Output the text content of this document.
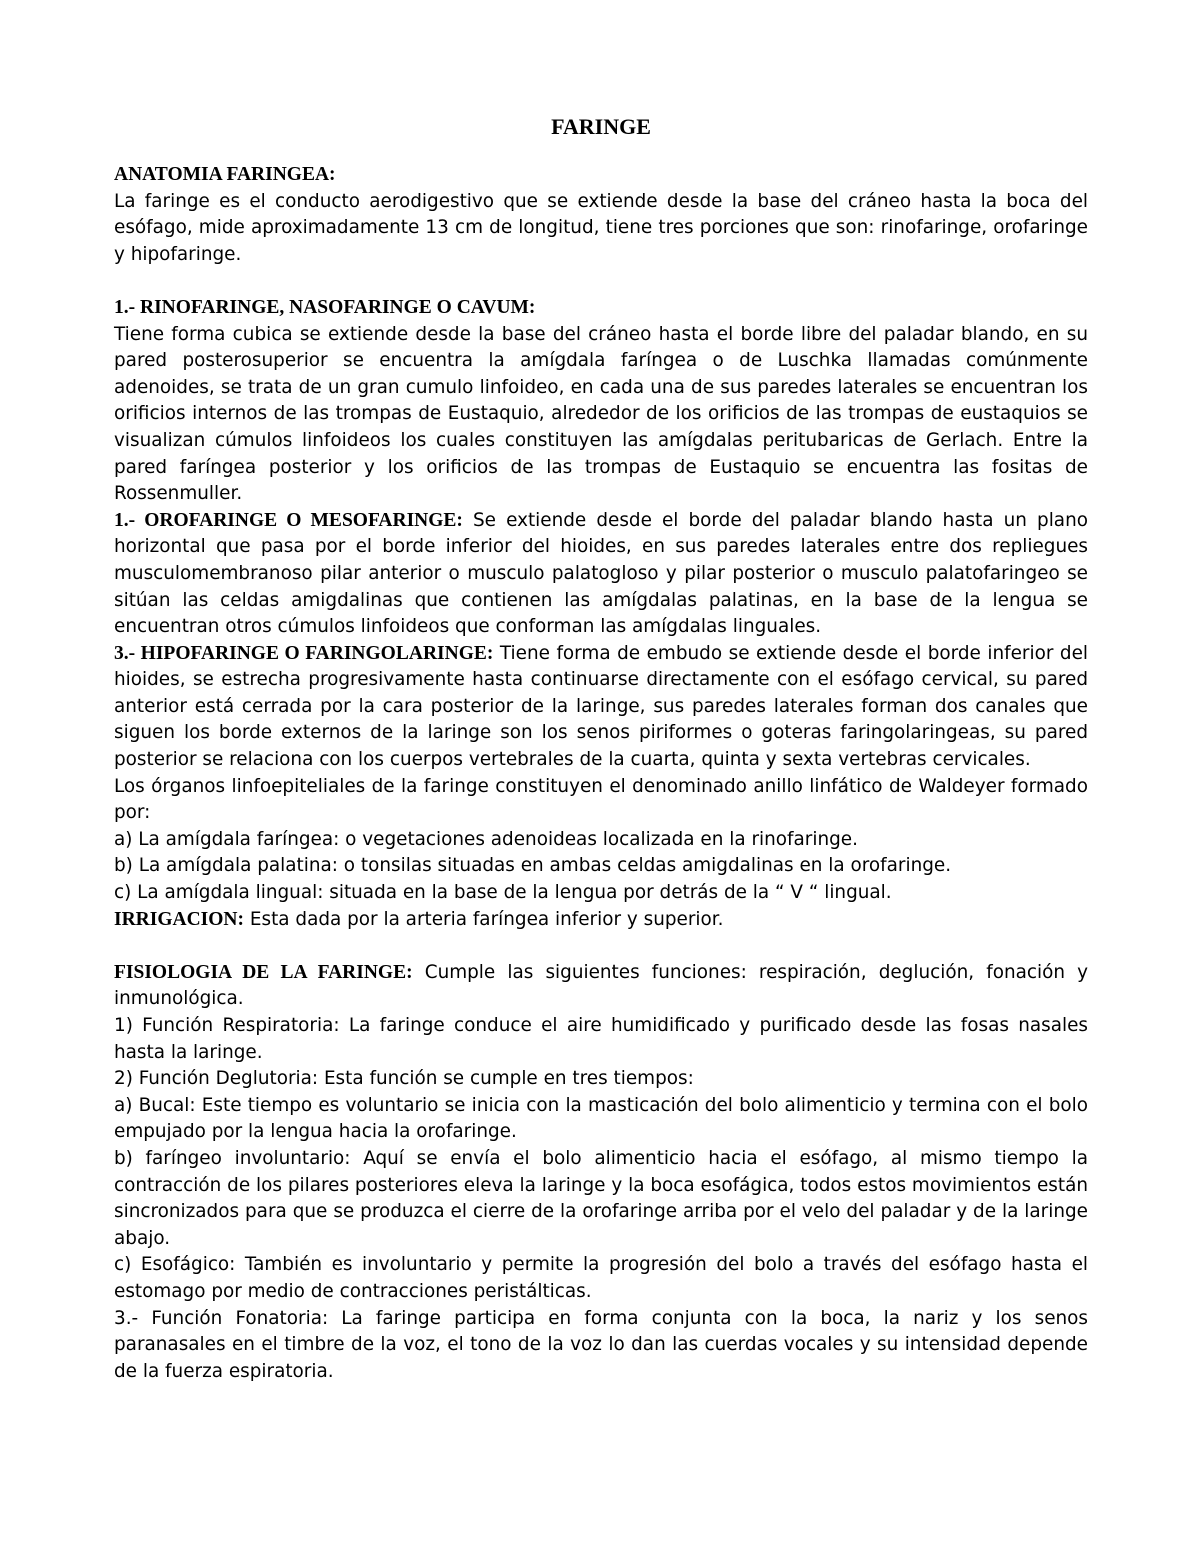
FARINGE

ANATOMIA FARINGEA:

La faringe es el conducto aerodigestivo que se extiende desde la base del cráneo hasta la boca del esófago, mide aproximadamente 13 cm de longitud, tiene tres porciones que son: rinofaringe, orofaringe y hipofaringe.

1.- RINOFARINGE, NASOFARINGE O CAVUM:

Tiene forma cubica se extiende desde la base del cráneo hasta el borde libre del paladar blando, en su pared posterosuperior se encuentra la amígdala faríngea o de Luschka llamadas comúnmente adenoides, se trata de un gran cumulo linfoideo, en cada una de sus paredes laterales se encuentran los orificios internos de las trompas de Eustaquio, alrededor de los orificios de las trompas de eustaquios se visualizan cúmulos linfoideos los cuales constituyen las amígdalas peritubaricas de Gerlach. Entre la pared faríngea posterior y los orificios de las trompas de Eustaquio se encuentra las fositas de Rossenmuller.

1.- OROFARINGE O MESOFARINGE: Se extiende desde el borde del paladar blando hasta un plano horizontal que pasa por el borde inferior del hioides, en sus paredes laterales entre dos repliegues musculomembranoso pilar anterior o musculo palatogloso y pilar posterior o musculo palatofaringeo se sitúan las celdas amigdalinas que contienen las amígdalas palatinas, en la base de la lengua se encuentran otros cúmulos linfoideos que conforman las amígdalas linguales.

3.- HIPOFARINGE O FARINGOLARINGE: Tiene forma de embudo se extiende desde el borde inferior del hioides, se estrecha progresivamente hasta continuarse directamente con el esófago cervical, su pared anterior está cerrada por la cara posterior de la laringe, sus paredes laterales forman dos canales que siguen los borde externos de la laringe son los senos piriformes o goteras faringolaringeas, su pared posterior se relaciona con los cuerpos vertebrales de la cuarta, quinta y sexta vertebras cervicales.

Los órganos linfoepiteliales de la faringe constituyen el denominado anillo linfático de Waldeyer formado por:

a) La amígdala faríngea: o vegetaciones adenoideas localizada en la rinofaringe.

b) La amígdala palatina: o tonsilas situadas en ambas celdas amigdalinas en la orofaringe.

c) La amígdala lingual: situada en la base de la lengua por detrás de la “ V “ lingual.

IRRIGACION: Esta dada por la arteria faríngea inferior y superior.

FISIOLOGIA DE LA FARINGE: Cumple las siguientes funciones: respiración, deglución, fonación y inmunológica.

1) Función Respiratoria: La faringe conduce el aire humidificado y purificado desde las fosas nasales hasta la laringe.

2) Función Deglutoria: Esta función se cumple en tres tiempos:

a) Bucal: Este tiempo es voluntario se inicia con la masticación del bolo alimenticio y termina con el bolo empujado por la lengua hacia la orofaringe.

b) faríngeo involuntario: Aquí se envía el bolo alimenticio hacia el esófago, al mismo tiempo la contracción de los pilares posteriores eleva la laringe y la boca esofágica, todos estos movimientos están sincronizados para que se produzca el cierre de la orofaringe arriba por el velo del paladar y de la laringe abajo.

c) Esofágico: También es involuntario y permite la progresión del bolo a través del esófago hasta el estomago por medio de contracciones peristálticas.

3.- Función Fonatoria: La faringe participa en forma conjunta con la boca, la nariz y los senos paranasales en el timbre de la voz, el tono de la voz lo dan las cuerdas vocales y su intensidad depende de la fuerza espiratoria.
